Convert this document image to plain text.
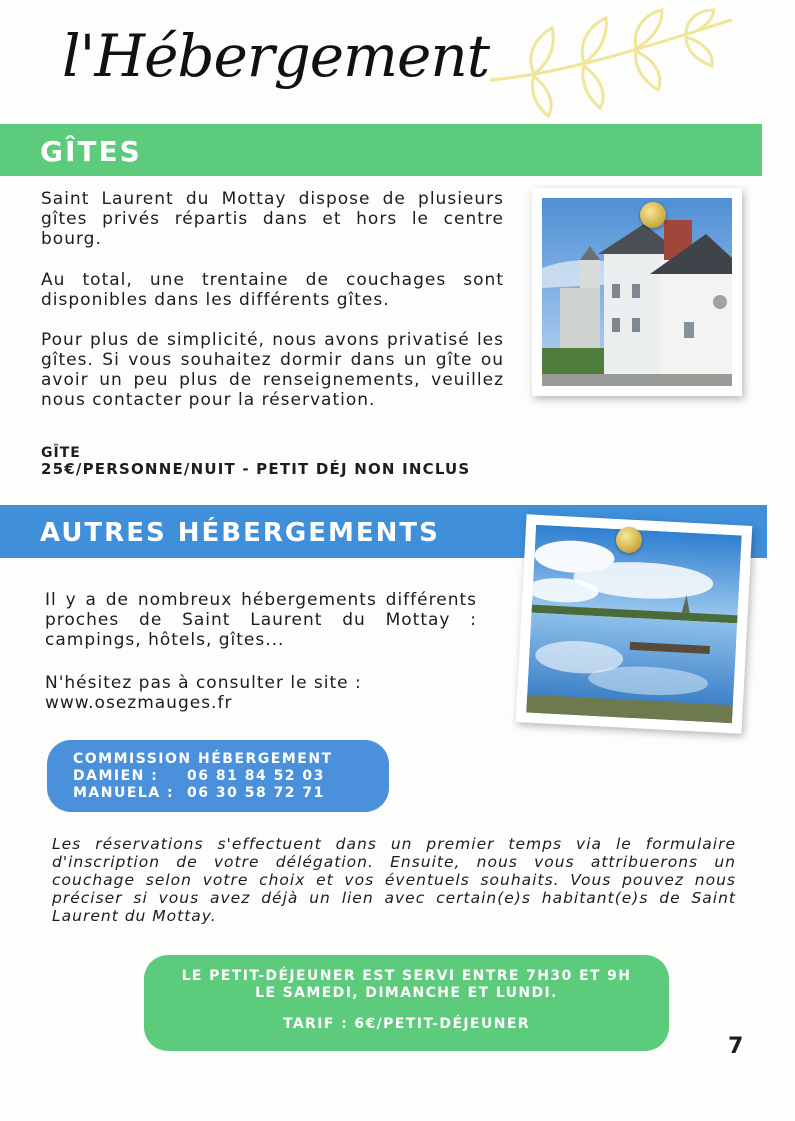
l'Hébergement
GÎTES

Saint Laurent du Mottay dispose de plusieurs gîtes privés répartis dans et hors le centre bourg.

Au total, une trentaine de couchages sont disponibles dans les différents gîtes.

Pour plus de simplicité, nous avons privatisé les gîtes. Si vous souhaitez dormir dans un gîte ou avoir un peu plus de renseignements, veuillez nous contacter pour la réservation.

GÎTE

25€/PERSONNE/NUIT - PETIT DÉJ NON INCLUS

AUTRES HÉBERGEMENTS

Il y a de nombreux hébergements différents proches de Saint Laurent du Mottay : campings, hôtels, gîtes...

N'hésitez pas à consulter le site : www.osezmauges.fr

COMMISSION HÉBERGEMENT
DAMIEN : 06 81 84 52 03
MANUELA : 06 30 58 72 71

Les réservations s'effectuent dans un premier temps via le formulaire d'inscription de votre délégation. Ensuite, nous vous attribuerons un couchage selon votre choix et vos éventuels souhaits. Vous pouvez nous préciser si vous avez déjà un lien avec certain(e)s habitant(e)s de Saint Laurent du Mottay.

LE PETIT-DÉJEUNER EST SERVI ENTRE 7H30 ET 9H

LE SAMEDI, DIMANCHE ET LUNDI.

TARIF : 6€/PETIT-DÉJEUNER

7
